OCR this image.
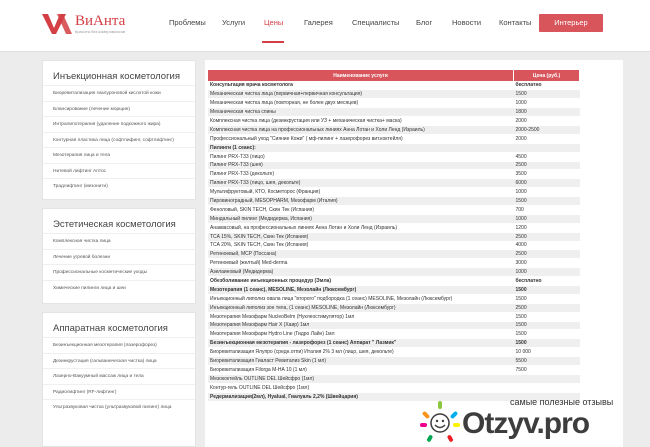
ВиАнта
Красота без компромиссов
Проблемы Услуги	Цены	Галерея	Специалисты Блог	Новости Контакты	Интерьер
Инъекционная косметология
Биоревитализация гиалуроновой кислотой кожи
Блансирование (лечение морщин)
Интралипотерапия (удаление подкожного жира)
Контурная пластика лица (софтлифинг, софтлифтинг)
Мезотерапия лица и тела
Нитевой лифтинг Аптос
Традлифтинг (мезонити)
Эстетическая косметология
Комплексная чистка лица
Лечение угревой болезни
Профессиональные косметические уходы
Химические пилинги лица и шеи
Аппаратная косметология
Безинъекционная мезотерапия (лазерофорез)
Дезинкрустация (гальваническая чистка) лица
Лазерно-Вакуумный массаж лица и тела
Радиолифтинг (RF-лифтинг)
Ультразвуковая чистка (ультразвуковой пилинг) лица
Наименование услуги	Цена (руб.)
Консультация врача косметолога	бесплатно
Механическая чистка лица (первичная+первичная консультация)	1500
Механическая чистка лица (повторная, не более двух месяцев)	1000
Механическая чистка спины	1800
Комплексная чистка лица (дезинкрустация или УЗ + механическая чистка+ маска)	2000
Комплексная чистка лица на профессиональных линиях Анна Лотан и Холи Ленд (Израиль)	2000-2500
Профессиональный уход "Сияние Кожи" ( мф-пилинг + лазерофорез вит.коктейля)	2000
Пилинги (1 сеанс):	
Пилинг PRX-T33 (лицо)	4500
Пилинг PRX-T33 (шея)	2500
Пилинг PRX-T33 (декольте)	3500
Пилинг PRX-T33 (лицо, шея, декольте)	6000
Мультифруктовый, КТО, Косметорос (Франция)	1000
Пировиноградный, MESOPHARM, Мезофарм (Италия)	1500
Феноловый, SKIN TECH, Скин Тек (Испания)	700
Миндальный пилинг (Медидерма, Испания)	1000
Анаквасовый, на профессиональных линиях Анна Лотан и Холи Ленд (Израиль)	1200
TCA 15%, SKIN TECH, Скин Тек (Испания)	2500
TCA 20%, SKIN TECH, Скин Тек (Испания)	4000
Ретиноевый, MCP (Поссана)	2500
Ретиноевый (желтый) Med-derma	3000
Азелаиновый (Медидерма)	1000
Обезболивание инъекционных процедур (Эмла)	бесплатно
Мезотерапия (1 сеанс), MESOLINE, Мезолайн (Люксембург)	1500
Инъекционный липолиз овала лица "второго" подбородка (1 сеанс) MESOLINE, Мезолайн (Люксембург)	1500
Инъекционный липолиз зон тела, (1 сеанс) MESOLINE, Мезолайн (Люксембург)	2500
Мезотерапия Мезофарм NucleoBelm (Нуклеостимулятор) 1мл	1500
Мезотерапия Мезофарм Hair X (Хаир) 1мл	1500
Мезотерапия Мезофарм Hydro Line (Гидро Лайн) 1мл	1500
Безинъекционная мезотерапия - лазерофорез (1 сеанс) Аппарат " Лазмик"	1500
Биоревитализация Ялупро (средн.отпи) Италия 2% 3 мл (лицо, шея, декольте)	10 000
Биоревитализация Гиаласт Ревитализ Skin (1 мл)	5500
Биоревитализация Filorga M-HA 10 (1 мл)	7500
Мезококтейль OUTLINE DEL Шейсфро (1мл)	
Контур-гель OUTLINE DEL Шейсфро (1мл)	
Редермализация(2мл), Hyalual, Гиалуаль 2,2% (Швейцария)	
самые полезные отзывы
Otzyv.pro
